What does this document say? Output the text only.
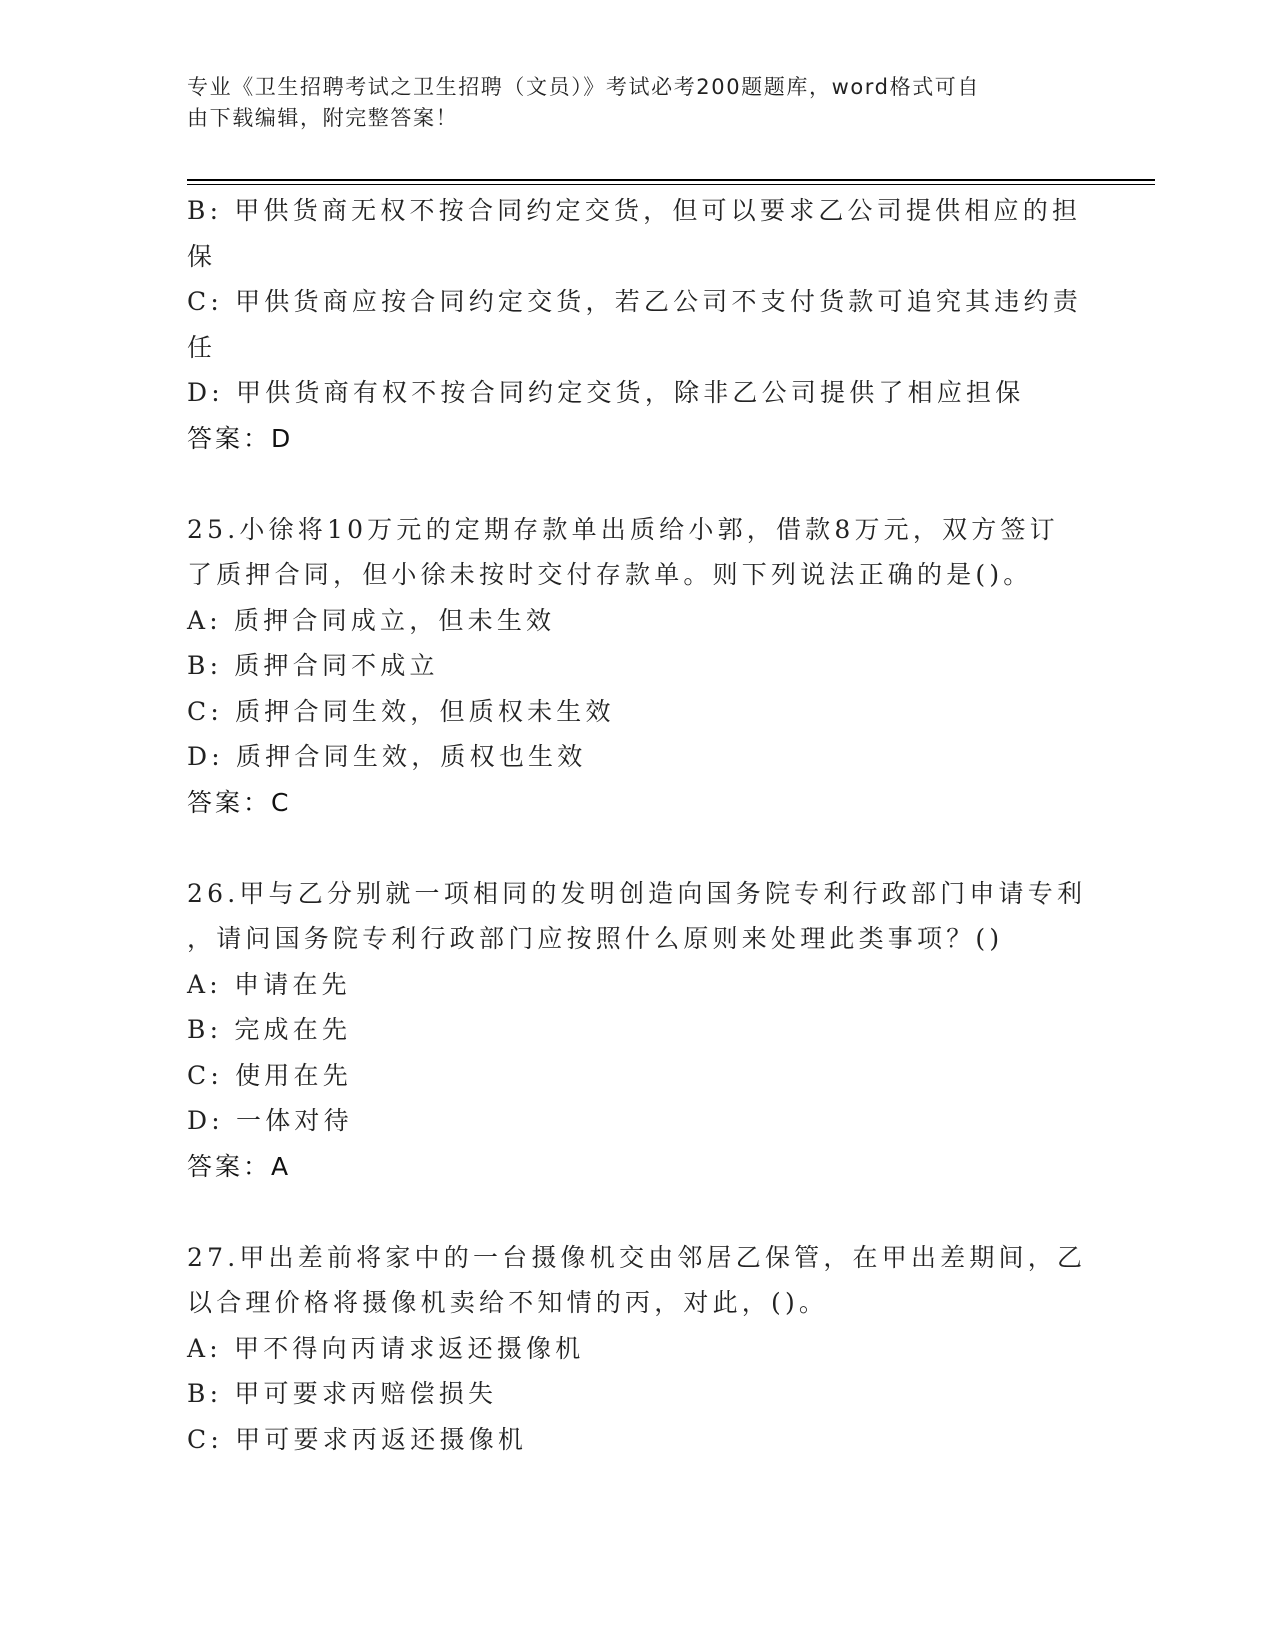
专业《卫生招聘考试之卫生招聘（文员）》考试必考200题题库，word格式可自
由下载编辑，附完整答案！
B: 甲供货商无权不按合同约定交货，但可以要求乙公司提供相应的担
保
C: 甲供货商应按合同约定交货，若乙公司不支付货款可追究其违约责
任
D: 甲供货商有权不按合同约定交货，除非乙公司提供了相应担保
答案：D
25.小徐将10万元的定期存款单出质给小郭，借款8万元，双方签订
了质押合同，但小徐未按时交付存款单。则下列说法正确的是()。
A: 质押合同成立，但未生效
B: 质押合同不成立
C: 质押合同生效，但质权未生效
D: 质押合同生效，质权也生效
答案：C
26.甲与乙分别就一项相同的发明创造向国务院专利行政部门申请专利
，请问国务院专利行政部门应按照什么原则来处理此类事项？()
A: 申请在先
B: 完成在先
C: 使用在先
D: 一体对待
答案：A
27.甲出差前将家中的一台摄像机交由邻居乙保管，在甲出差期间，乙
以合理价格将摄像机卖给不知情的丙，对此，()。
A: 甲不得向丙请求返还摄像机
B: 甲可要求丙赔偿损失
C: 甲可要求丙返还摄像机
